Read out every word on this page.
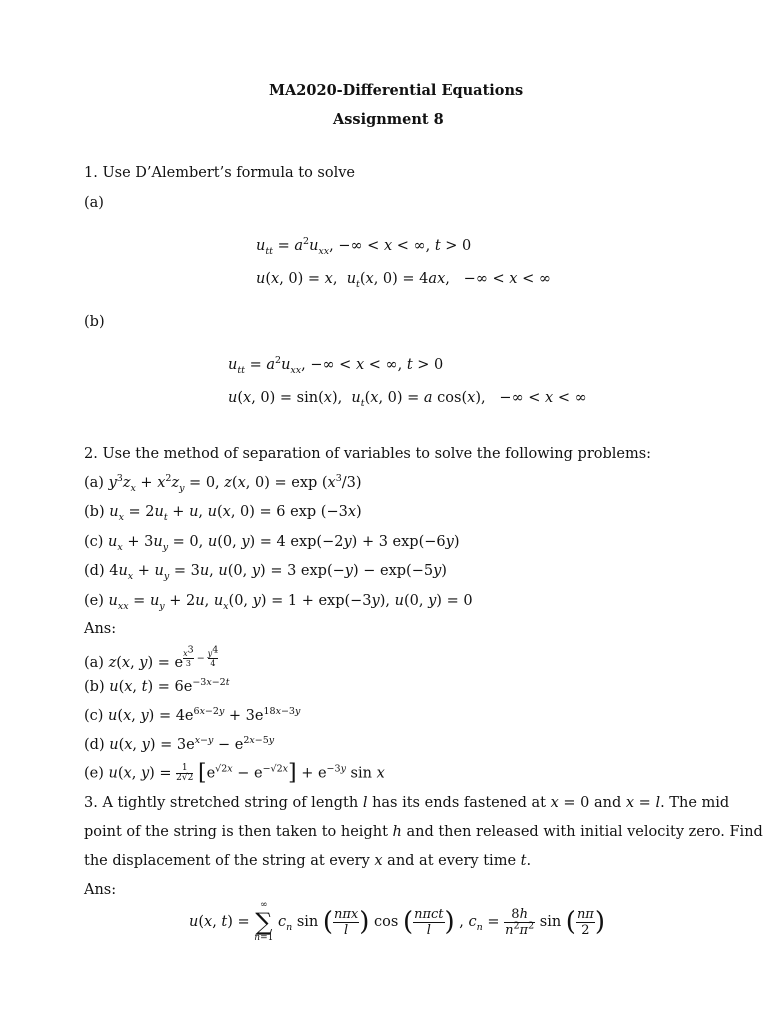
MA2020-Differential Equations
Assignment 8
1. Use D’Alembert’s formula to solve
(a)
$u_{tt} = a^2u_{xx}$, −∞ < x < ∞, t > 0
u(x, 0) = x,  $u_t(x$, 0) = 4ax,   −∞ < x < ∞
(b)
$u_{tt} = a^2u_{xx}$, −∞ < x < ∞, t > 0
u(x, 0) = sin(x),  $u_t(x$, 0) = a cos(x),   −∞ < x < ∞
2. Use the method of separation of variables to solve the following problems:
(a) $y^3z_x + x^2z_y = 0$, z(x, $0) = \exp (x^3/3)$
(b) $u_x = 2u_t + u$, u(x, 0) = 6 exp (−3x)
(c) $u_x + 3u_y = 0$, u(0, y) = 4 exp(−2y) + 3 exp(−6y)
(d) $4u_x + u_y = 3u$, u(0, y) = 3 exp(−y) − exp(−5y)
(e) $u_{xx} = u_y + 2u$, $u_x(0$, y) = 1 + exp(−3y), u(0, y) = 0
Ans:
(a) z(x, y) = e $^{\frac{x^3}{3} - \frac{y^4}{4}}$
(b) u(x, $t) = 6e^{-3x-2t}$
(c) u(x, $y) = 4e^{6x-2y} + 3e^{18x-3y}$
(d) u(x, $y) = 3e^{x-y} - e^{2x-5y}$
(e) u(x, $y) = \frac{1}{2√2} [e^{√2x} - e^{-√2x}] + e^{-3y}$ sin x
3. A tightly stretched string of length l has its ends fastened at x = 0 and x = l. The mid
point of the string is then taken to height h and then released with initial velocity zero. Find
the displacement of the string at every x and at every time t.
Ans:
u(x, t) = ∞
∑
n=1 $c_n$ sin ( $\frac{\text{nπx}}{l}$ ) cos ( $\frac{\text{nπct}}{l}$ ) , $c_n = \frac{8h}{n^2\pi^2}$ sin ( $\frac{n\pi}{2}$ )
